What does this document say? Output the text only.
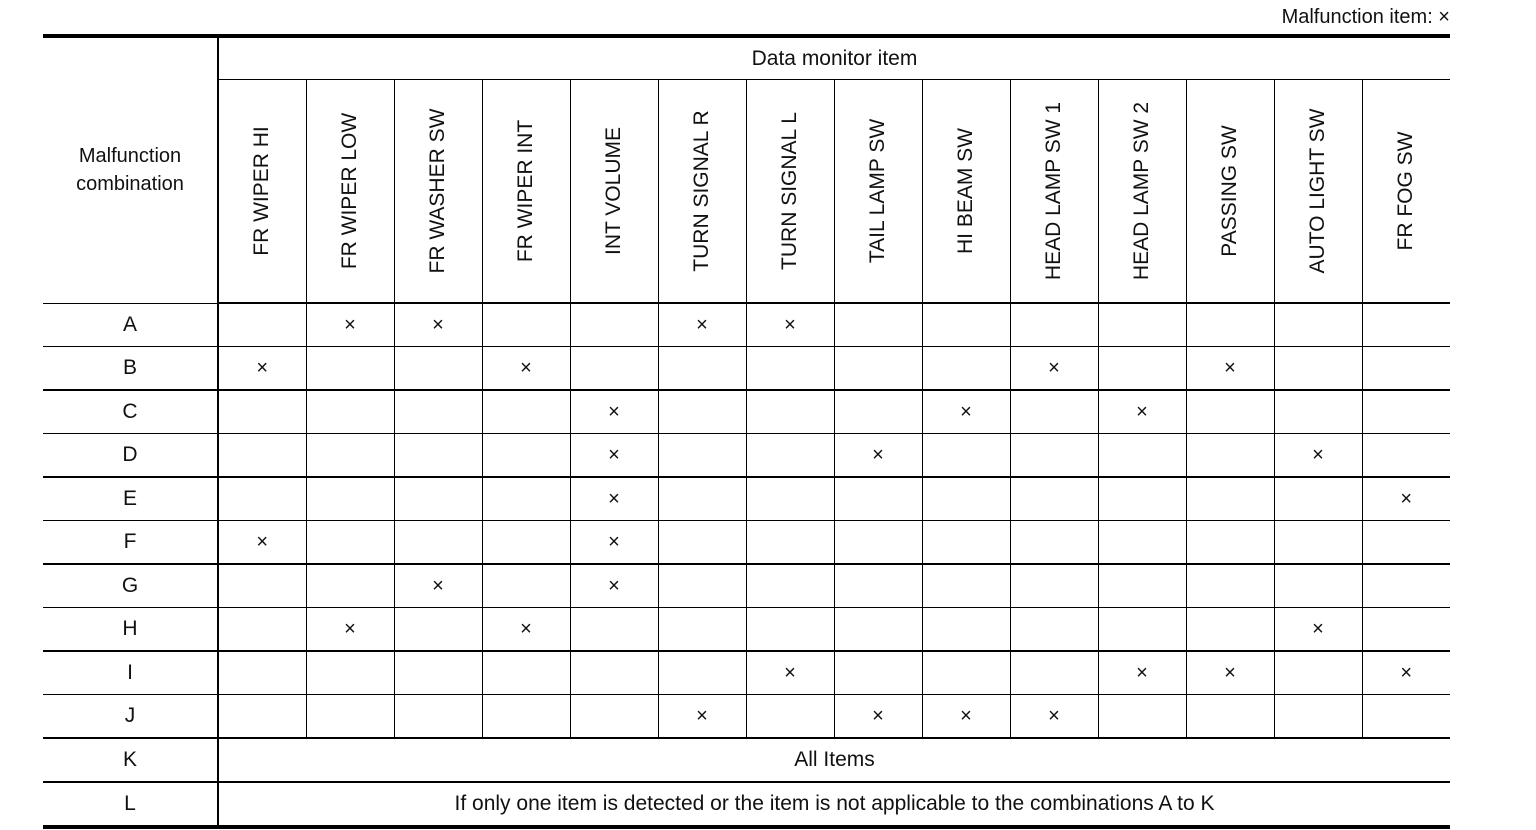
Malfunction item: ×
Malfunction combination	Data monitor item													

	FR WIPER HI	FR WIPER LOW	FR WASHER SW	FR WIPER INT	INT VOLUME	TURN SIGNAL R	TURN SIGNAL L	TAIL LAMP SW	HI BEAM SW	HEAD LAMP SW 1	HEAD LAMP SW 2	PASSING SW	AUTO LIGHT SW	FR FOG SW

A		×	×			×	×							
B	×			×						×		×		
C					×				×		×			
D					×			×					×	
E					×									×
F	×				×									
G			×		×									
H		×		×									×	
I							×				×	×		×
J						×		×	×	×				
K	All Items													
L	If only one item is detected or the item is not applicable to the combinations A to K													
